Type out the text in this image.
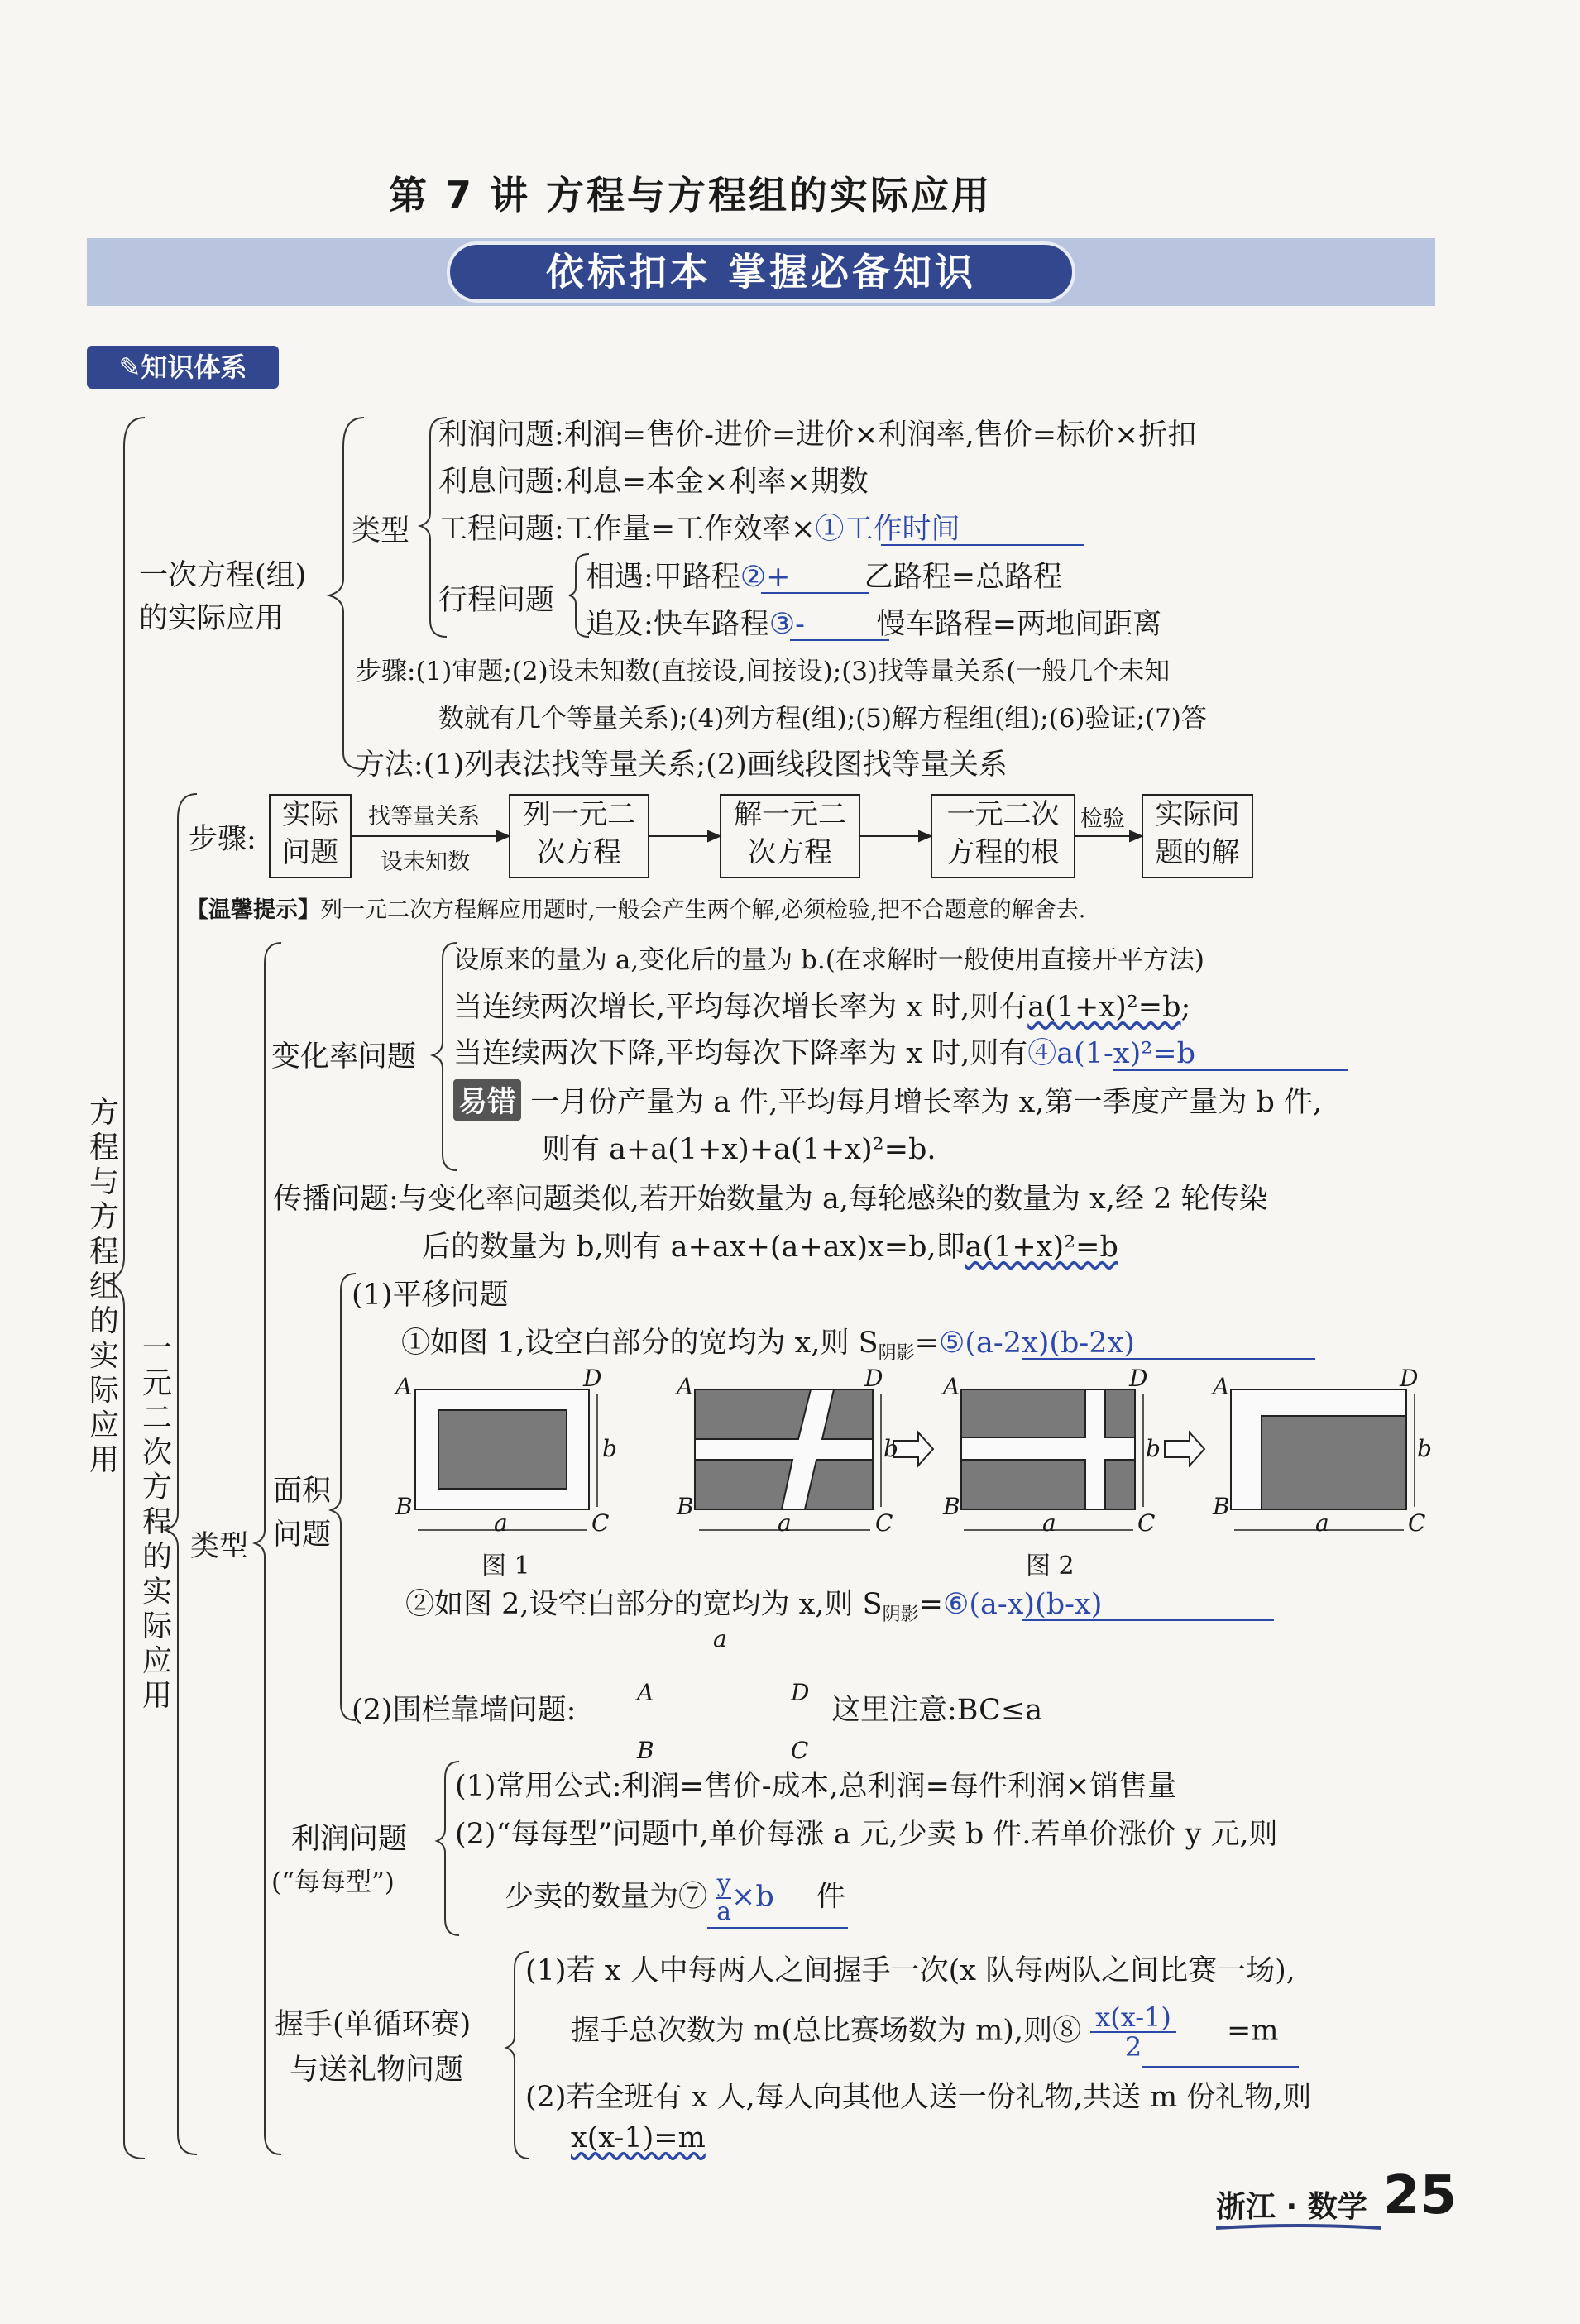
第 7 讲 方程与方程组的实际应用
依标扣本 掌握必备知识
✎知识体系
方程与方程组的实际应用
一次方程(组)
的实际应用
类型
利润问题:利润=售价-进价=进价×利润率,售价=标价×折扣
利息问题:利息=本金×利率×期数
工程问题:工作量=工作效率×①工作时间
行程问题
相遇:甲路程②+	乙路程=总路程
追及:快车路程③- 慢车路程=两地间距离
步骤:(1)审题;(2)设未知数(直接设,间接设);(3)找等量关系(一般几个未知
数就有几个等量关系);(4)列方程(组);(5)解方程组(组);(6)验证;(7)答
方法:(1)列表法找等量关系;(2)画线段图找等量关系
一元二次方程的实际应用
步骤:
实际
问题
找等量关系
设未知数
列一元二
次方程
解一元二
次方程
一元二次
方程的根
检验	实际问
题的解
【温馨提示】列一元二次方程解应用题时,一般会产生两个解,必须检验,把不合题意的解舍去.
类型
变化率问题
设原来的量为 a,变化后的量为 b.(在求解时一般使用直接开平方法)
当连续两次增长,平均每次增长率为 x 时,则有a(1+x)²=b;
当连续两次下降,平均每次下降率为 x 时,则有④a(1-x)²=b
易错 一月份产量为 a 件,平均每月增长率为 x,第一季度产量为 b 件,
则有 a+a(1+x)+a(1+x)²=b.
传播问题:与变化率问题类似,若开始数量为 a,每轮感染的数量为 x,经 2 轮传染
后的数量为 b,则有 a+ax+(a+ax)x=b,即a(1+x)²=b
面积
问题
(1)平移问题
①如图 1,设空白部分的宽均为 x,则 $S_{阴影}=⑤(a-2x)(b-2x)$
A	D
B
C
a
b
A	D
B
C
a
b
A	D
B
C
a
b
A	D
B
C
a
b
图 1	图 2
②如图 2,设空白部分的宽均为 x,则 $S_{阴影}=⑥(a-x)(b-x)$
(2)围栏靠墙问题:
a
A	D
B	C
这里注意:BC≤a
利润问题
(“每每型”)
(1)常用公式:利润=售价-成本,总利润=每件利润×销售量
(2)“每每型”问题中,单价每涨 a 元,少卖 b 件.若单价涨价 y 元,则
少卖的数量为⑦ $\frac{y}{a} \times b$ 件
握手(单循环赛)
与送礼物问题
(1)若 x 人中每两人之间握手一次(x 队每两队之间比赛一场),
握手总次数为 m(总比赛场数为 m),则⑧ $\frac{x(x-1)}{2} =m$
(2)若全班有 x 人,每人向其他人送一份礼物,共送 m 份礼物,则
x(x-1)=m
浙江 · 数学 25
